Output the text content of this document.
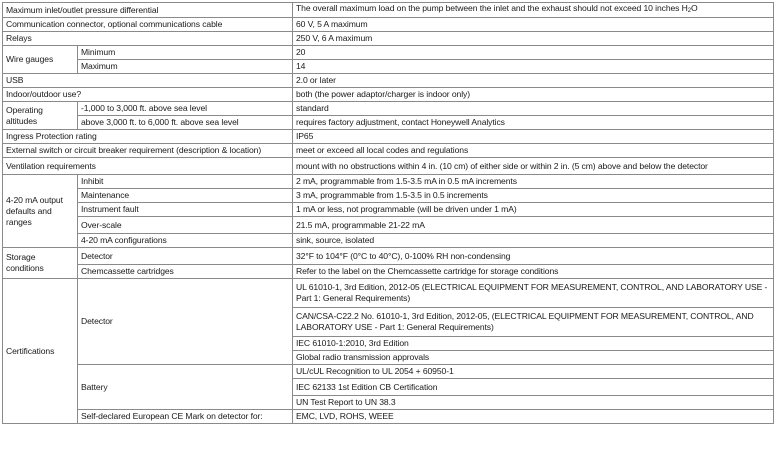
Maximum inlet/outlet pressure differential		The overall maximum load on the pump between the inlet and the exhaust should not exceed 10 inches H2O
Communication connector, optional communications cable		60 V, 5 A maximum
Relays		250 V, 6 A maximum
Wire gauges	Minimum	20
	Maximum	14
USB		2.0 or later
Indoor/outdoor use?		both (the power adaptor/charger is indoor only)
Operating
altitudes	-1,000 to 3,000 ft. above sea level	standard
	above 3,000 ft. to 6,000 ft. above sea level	requires factory adjustment, contact Honeywell Analytics
Ingress Protection rating		IP65
External switch or circuit breaker requirement (description & location)		meet or exceed all local codes and regulations
Ventilation requirements		mount with no obstructions within 4 in. (10 cm) of either side or within 2 in. (5 cm) above and below the detector
4-20 mA output
defaults and
ranges	Inhibit	2 mA, programmable from 1.5-3.5 mA in 0.5 mA increments
	Maintenance	3 mA, programmable from 1.5-3.5 in 0.5 increments
	Instrument fault	1 mA or less, not programmable (will be driven under 1 mA)
	Over-scale	21.5 mA, programmable 21-22 mA
	4-20 mA configurations	sink, source, isolated
Storage
conditions	Detector	32°F to 104°F (0°C to 40°C), 0-100% RH non-condensing
	Chemcassette cartridges	Refer to the label on the Chemcassette cartridge for storage conditions
Certifications	Detector	UL 61010-1, 3rd Edition, 2012-05 (ELECTRICAL EQUIPMENT FOR MEASUREMENT, CONTROL, AND LABORATORY USE - Part 1: General Requirements)
		CAN/CSA-C22.2 No. 61010-1, 3rd Edition, 2012-05, (ELECTRICAL EQUIPMENT FOR MEASUREMENT, CONTROL, AND LABORATORY USE - Part 1: General Requirements)
		IEC 61010-1:2010, 3rd Edition
		Global radio transmission approvals
	Battery	UL/cUL Recognition to UL 2054 + 60950-1
		IEC 62133 1st Edition CB Certification
		UN Test Report to UN 38.3
	Self-declared European CE Mark on detector for:	EMC, LVD, ROHS, WEEE
